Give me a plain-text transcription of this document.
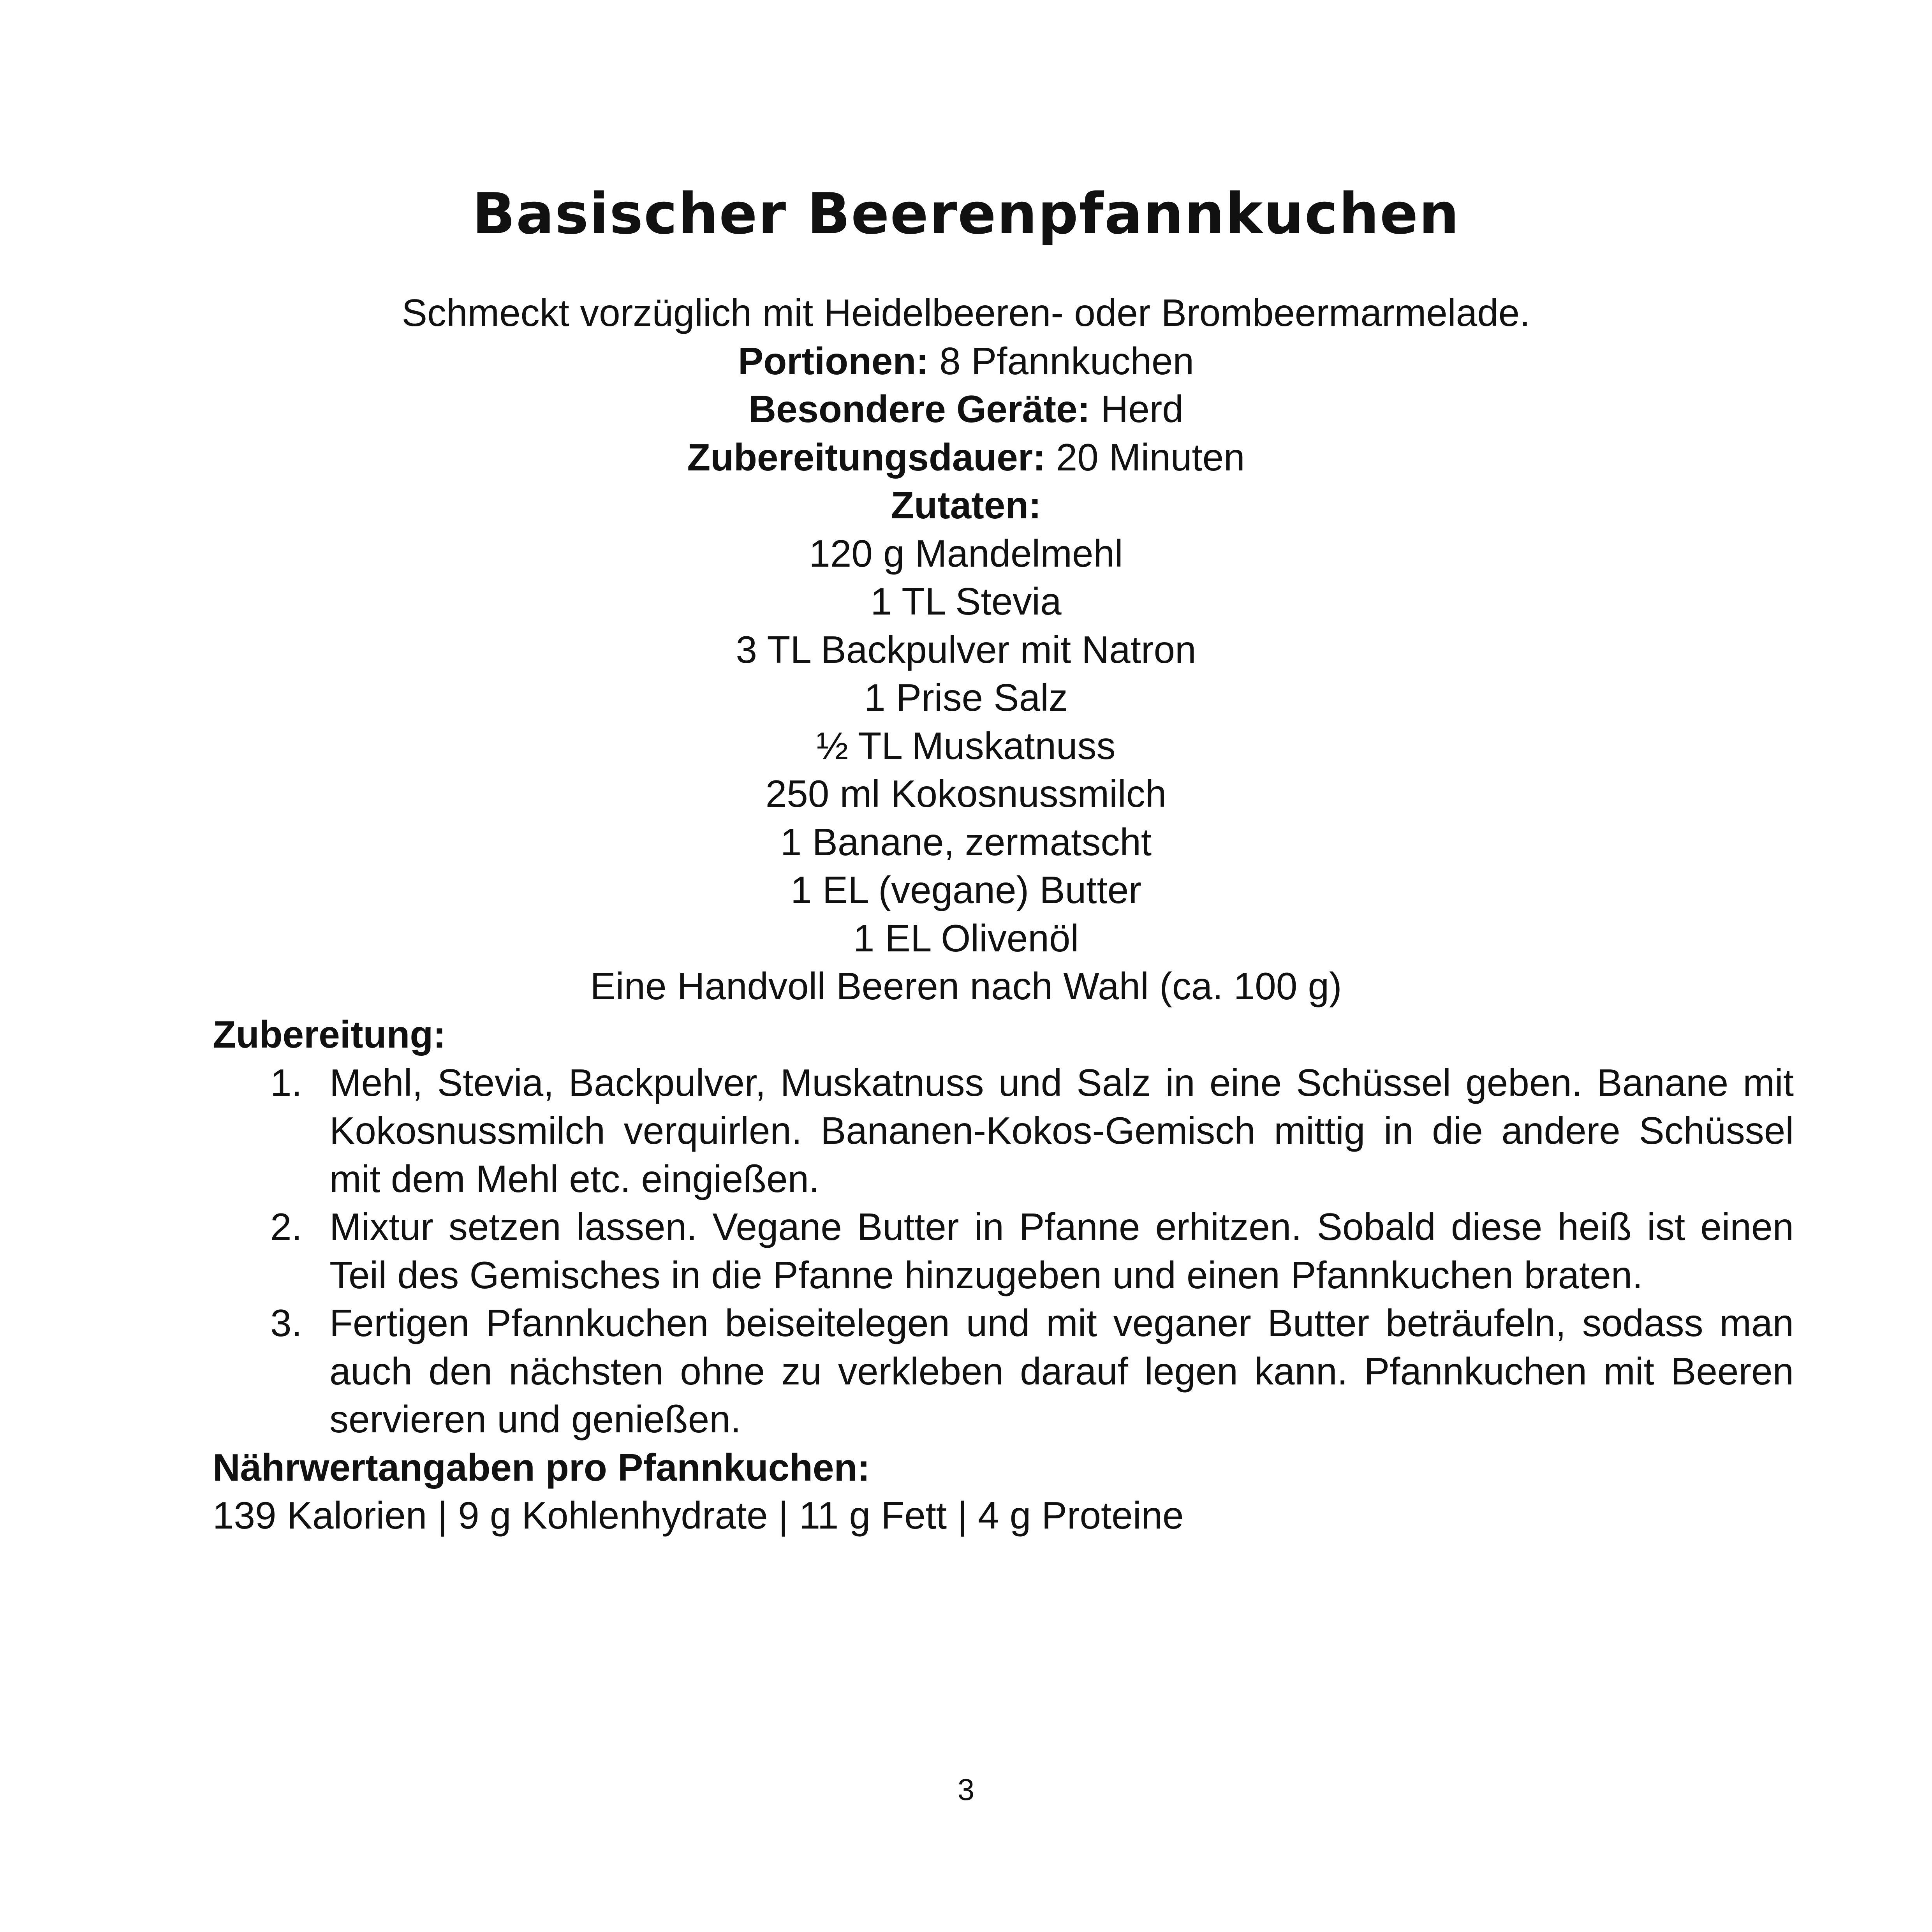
Basischer Beerenpfannkuchen
Schmeckt vorzüglich mit Heidelbeeren- oder Brombeermarmelade.
Portionen: 8 Pfannkuchen
Besondere Geräte: Herd
Zubereitungsdauer: 20 Minuten
Zutaten:
120 g Mandelmehl
1 TL Stevia
3 TL Backpulver mit Natron
1 Prise Salz
½ TL Muskatnuss
250 ml Kokosnussmilch
1 Banane, zermatscht
1 EL (vegane) Butter
1 EL Olivenöl
Eine Handvoll Beeren nach Wahl (ca. 100 g)
Zubereitung:
1. Mehl, Stevia, Backpulver, Muskatnuss und Salz in eine Schüssel geben. Banane mit Kokosnussmilch verquirlen. Bananen-Kokos-Gemisch mittig in die andere Schüssel mit dem Mehl etc. eingießen.
2. Mixtur setzen lassen. Vegane Butter in Pfanne erhitzen. Sobald diese heiß ist einen Teil des Gemisches in die Pfanne hinzugeben und einen Pfannkuchen braten.
3. Fertigen Pfannkuchen beiseitelegen und mit veganer Butter beträufeln, sodass man auch den nächsten ohne zu verkleben darauf legen kann. Pfannkuchen mit Beeren servieren und genießen.
Nährwertangaben pro Pfannkuchen:
139 Kalorien | 9 g Kohlenhydrate | 11 g Fett | 4 g Proteine
3
